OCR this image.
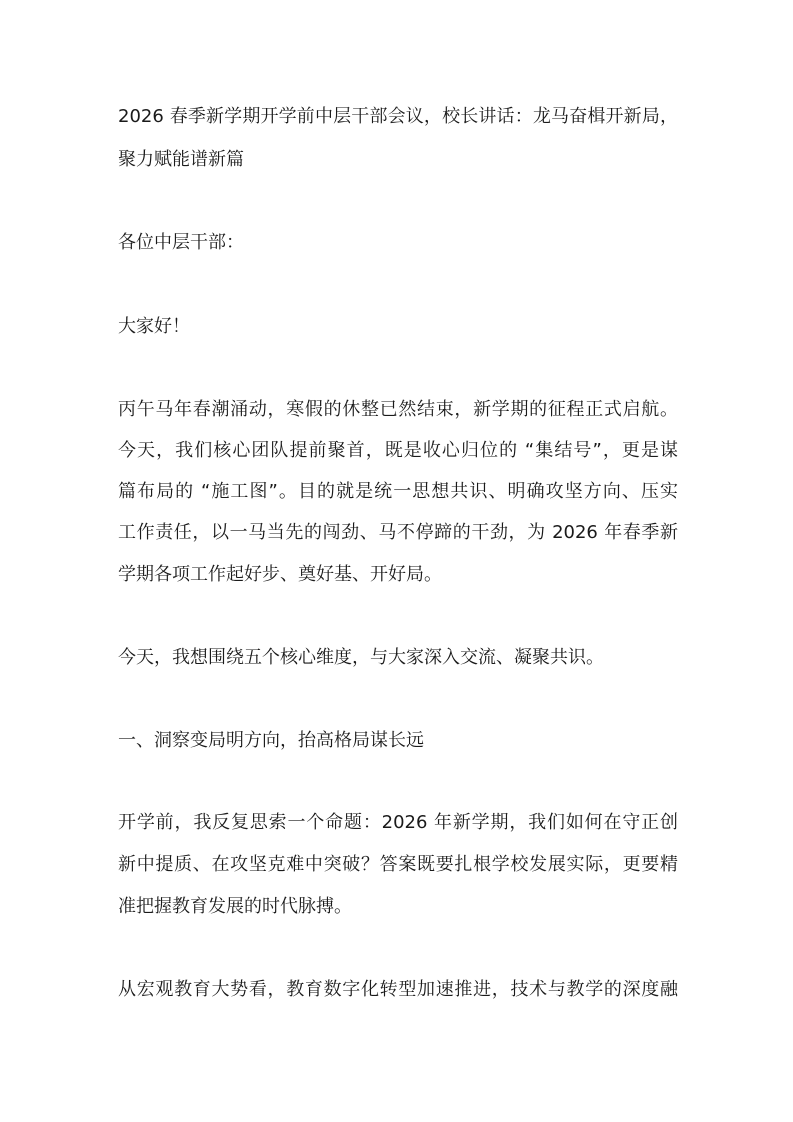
2026 春季新学期开学前中层干部会议，校长讲话：龙马奋楫开新局，
聚力赋能谱新篇
各位中层干部：
大家好！
丙午马年春潮涌动，寒假的休整已然结束，新学期的征程正式启航。
今天，我们核心团队提前聚首，既是收心归位的 “集结号”，更是谋
篇布局的 “施工图”。目的就是统一思想共识、明确攻坚方向、压实
工作责任，以一马当先的闯劲、马不停蹄的干劲，为 2026 年春季新
学期各项工作起好步、奠好基、开好局。
今天，我想围绕五个核心维度，与大家深入交流、凝聚共识。
一、洞察变局明方向，抬高格局谋长远
开学前，我反复思索一个命题：2026 年新学期，我们如何在守正创
新中提质、在攻坚克难中突破？答案既要扎根学校发展实际，更要精
准把握教育发展的时代脉搏。
从宏观教育大势看，教育数字化转型加速推进，技术与教学的深度融
